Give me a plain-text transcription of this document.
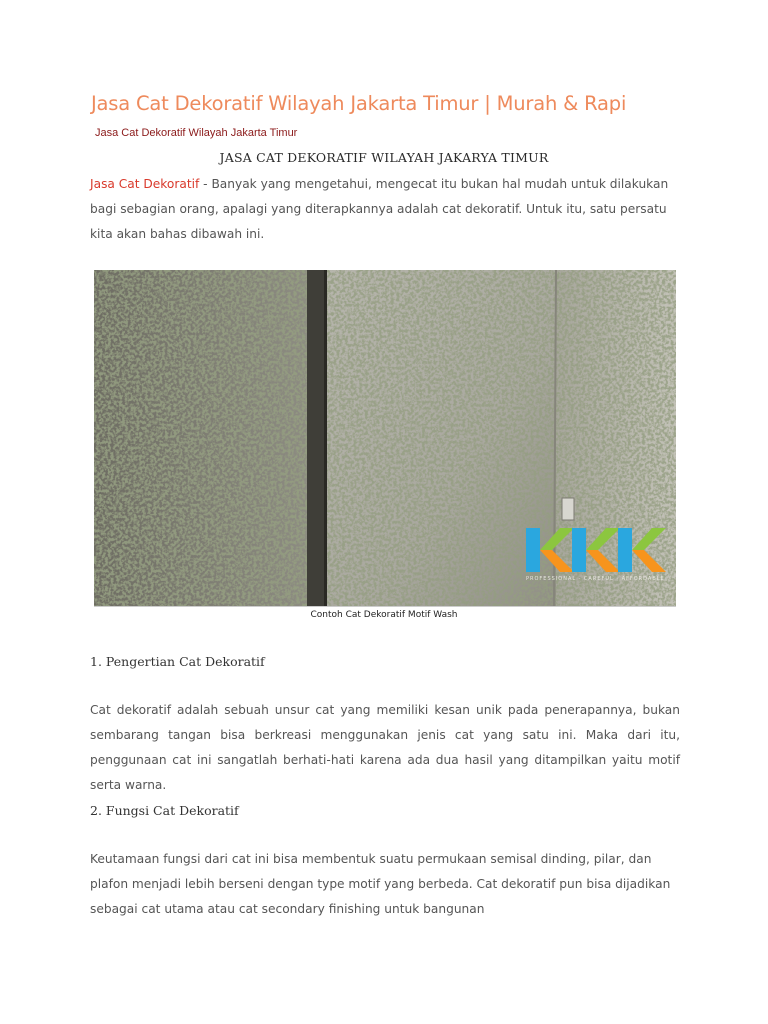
Jasa Cat Dekoratif Wilayah Jakarta Timur | Murah & Rapi
Jasa Cat Dekoratif Wilayah Jakarta Timur
JASA CAT DEKORATIF WILAYAH JAKARYA TIMUR

Jasa Cat Dekoratif - Banyak yang mengetahui, mengecat itu bukan hal mudah untuk dilakukan bagi sebagian orang, apalagi yang diterapkannya adalah cat dekoratif. Untuk itu, satu persatu kita akan bahas dibawah ini.

PROFESSIONAL · CAREFUL · AFFORDABLE
Contoh Cat Dekoratif Motif Wash
1. Pengertian Cat Dekoratif

Cat dekoratif adalah sebuah unsur cat yang memiliki kesan unik pada penerapannya, bukan sembarang tangan bisa berkreasi menggunakan jenis cat yang satu ini. Maka dari itu, penggunaan cat ini sangatlah berhati-hati karena ada dua hasil yang ditampilkan yaitu motif serta warna.

2. Fungsi Cat Dekoratif

Keutamaan fungsi dari cat ini bisa membentuk suatu permukaan semisal dinding, pilar, dan plafon menjadi lebih berseni dengan type motif yang berbeda. Cat dekoratif pun bisa dijadikan sebagai cat utama atau cat secondary finishing untuk bangunan
